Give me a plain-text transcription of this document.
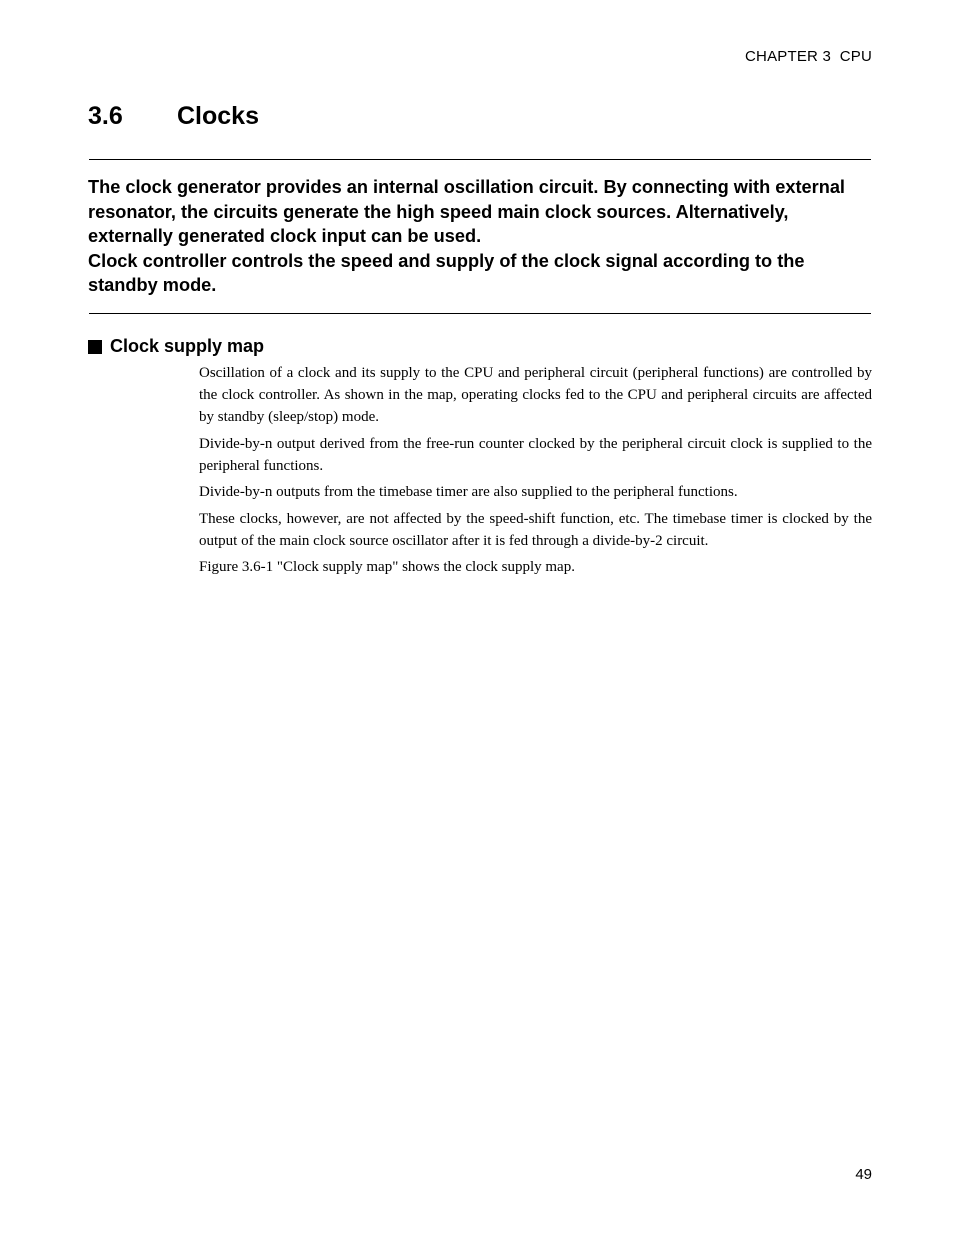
CHAPTER 3  CPU
3.6 Clocks

The clock generator provides an internal oscillation circuit. By connecting with external resonator, the circuits generate the high speed main clock sources. Alternatively, externally generated clock input can be used.

Clock controller controls the speed and supply of the clock signal according to the standby mode.

Clock supply map

Oscillation of a clock and its supply to the CPU and peripheral circuit (peripheral functions) are controlled by the clock controller. As shown in the map, operating clocks fed to the CPU and peripheral circuits are affected by standby (sleep/stop) mode.

Divide-by-n output derived from the free-run counter clocked by the peripheral circuit clock is supplied to the peripheral functions.

Divide-by-n outputs from the timebase timer are also supplied to the peripheral functions.

These clocks, however, are not affected by the speed-shift function, etc. The timebase timer is clocked by the output of the main clock source oscillator after it is fed through a divide-by-2 circuit.

Figure 3.6-1 "Clock supply map" shows the clock supply map.

49
